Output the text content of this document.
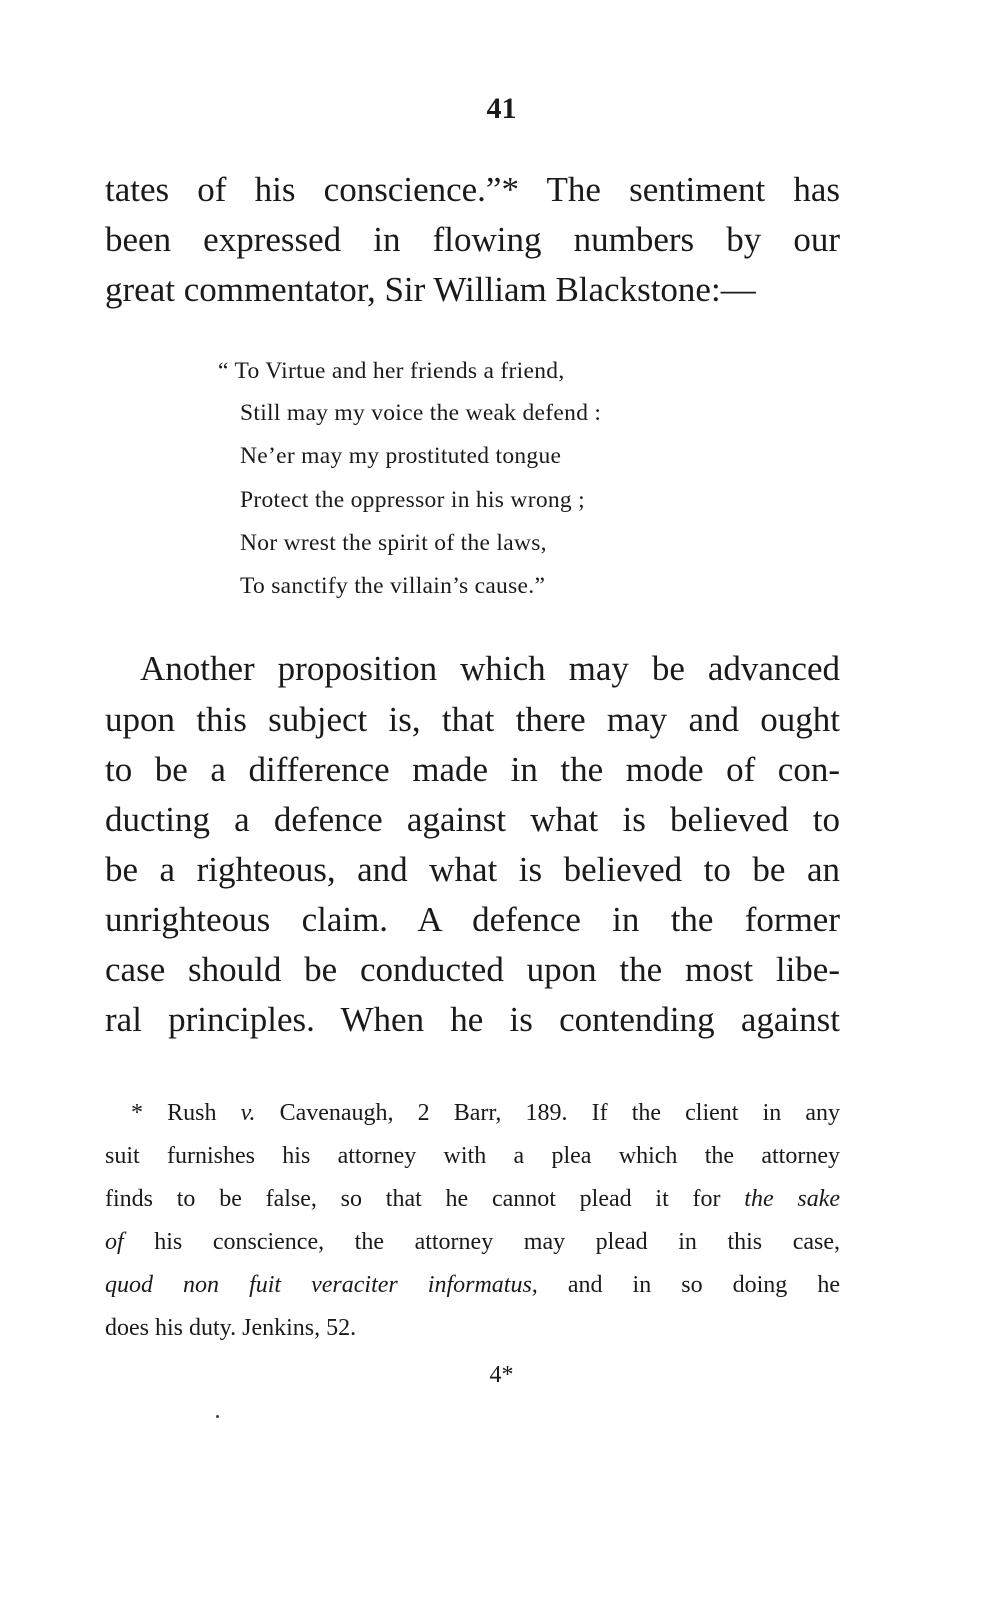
41
tates of his conscience.”* The sentiment has
been expressed in flowing numbers by our
great commentator, Sir William Blackstone:—
“ To Virtue and her friends a friend,
Still may my voice the weak defend :
Ne’er may my prostituted tongue
Protect the oppressor in his wrong ;
Nor wrest the spirit of the laws,
To sanctify the villain’s cause.”
Another proposition which may be advanced
upon this subject is, that there may and ought
to be a difference made in the mode of con-
ducting a defence against what is believed to
be a righteous, and what is believed to be an
unrighteous claim. A defence in the former
case should be conducted upon the most libe-
ral principles. When he is contending against
* Rush v. Cavenaugh, 2 Barr, 189. If the client in any
suit furnishes his attorney with a plea which the attorney
finds to be false, so that he cannot plead it for the sake
of his conscience, the attorney may plead in this case,
quod non fuit veraciter informatus, and in so doing he
does his duty. Jenkins, 52.
4*
